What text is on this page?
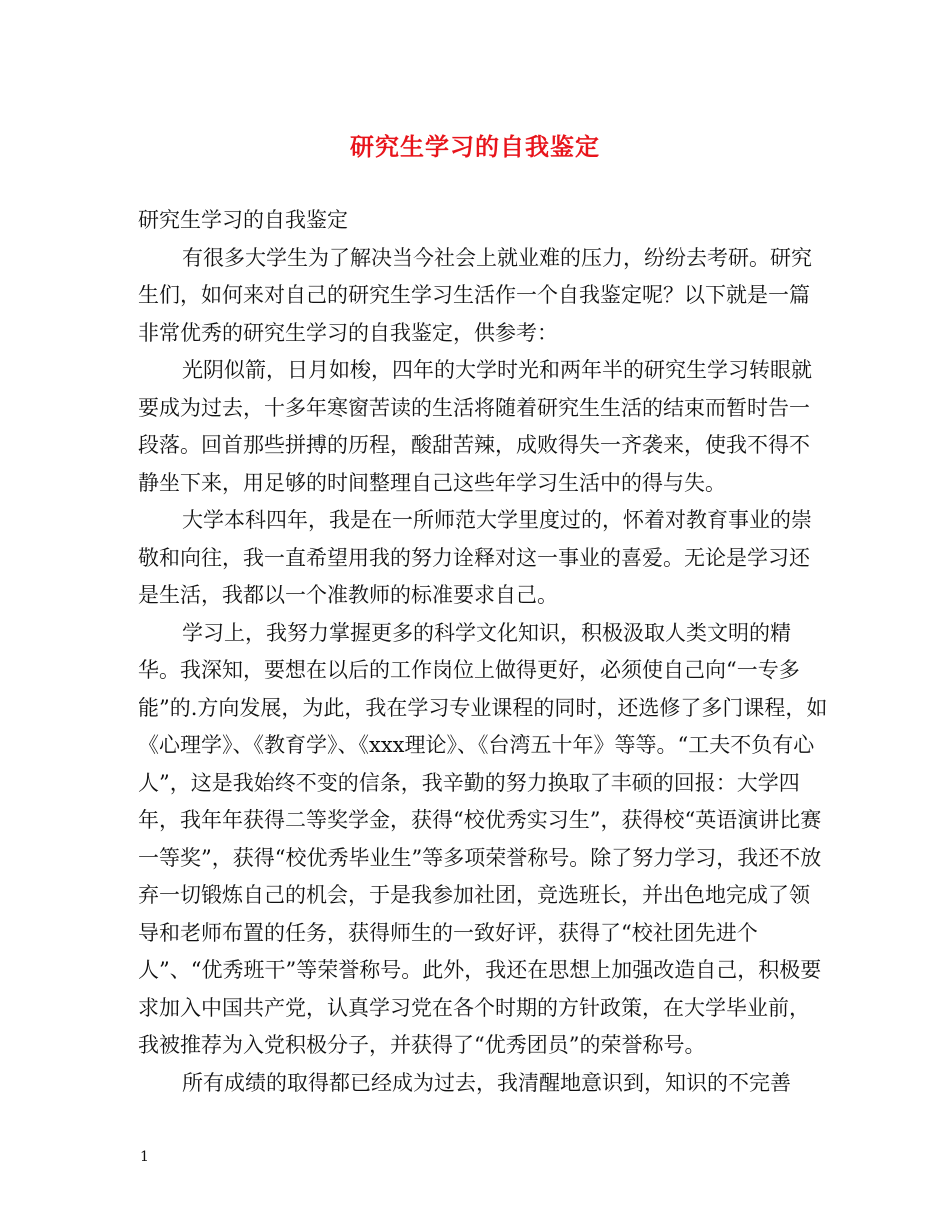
研究生学习的自我鉴定

研究生学习的自我鉴定

有很多大学生为了解决当今社会上就业难的压力，纷纷去考研。研究生们，如何来对自己的研究生学习生活作一个自我鉴定呢？以下就是一篇非常优秀的研究生学习的自我鉴定，供参考：

光阴似箭，日月如梭，四年的大学时光和两年半的研究生学习转眼就要成为过去，十多年寒窗苦读的生活将随着研究生生活的结束而暂时告一段落。回首那些拼搏的历程，酸甜苦辣，成败得失一齐袭来，使我不得不静坐下来，用足够的时间整理自己这些年学习生活中的得与失。

大学本科四年，我是在一所师范大学里度过的，怀着对教育事业的崇敬和向往，我一直希望用我的努力诠释对这一事业的喜爱。无论是学习还是生活，我都以一个准教师的标准要求自己。

学习上，我努力掌握更多的科学文化知识，积极汲取人类文明的精华。我深知，要想在以后的工作岗位上做得更好，必须使自己向“一专多能”的.方向发展，为此，我在学习专业课程的同时，还选修了多门课程，如《心理学》、《教育学》、《xxx理论》、《台湾五十年》等等。“工夫不负有心人”，这是我始终不变的信条，我辛勤的努力换取了丰硕的回报：大学四年，我年年获得二等奖学金，获得“校优秀实习生”，获得校“英语演讲比赛一等奖”，获得“校优秀毕业生”等多项荣誉称号。除了努力学习，我还不放弃一切锻炼自己的机会，于是我参加社团，竞选班长，并出色地完成了领导和老师布置的任务，获得师生的一致好评，获得了“校社团先进个人”、“优秀班干”等荣誉称号。此外，我还在思想上加强改造自己，积极要求加入中国共产党，认真学习党在各个时期的方针政策，在大学毕业前，我被推荐为入党积极分子，并获得了“优秀团员”的荣誉称号。

所有成绩的取得都已经成为过去，我清醒地意识到，知识的不完善

1
